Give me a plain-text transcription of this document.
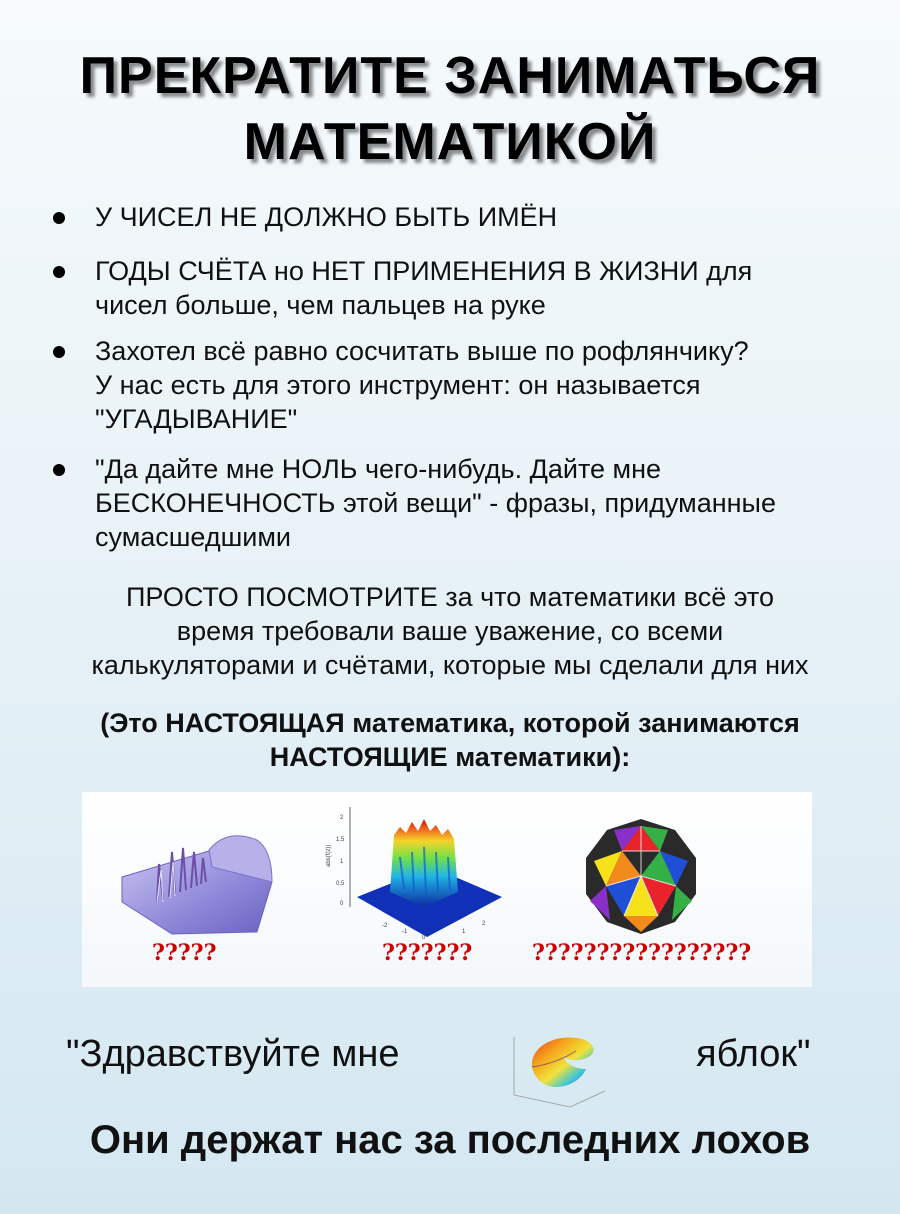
ПРЕКРАТИТЕ ЗАНИМАТЬСЯ
МАТЕМАТИКОЙ
У ЧИСЕЛ НЕ ДОЛЖНО БЫТЬ ИМЁН
ГОДЫ СЧЁТА но НЕТ ПРИМЕНЕНИЯ В ЖИЗНИ для
чисел больше, чем пальцев на руке
Захотел всё равно сосчитать выше по рофлянчику?
У нас есть для этого инструмент: он называется
"УГАДЫВАНИЕ"
"Да дайте мне НОЛЬ чего-нибудь. Дайте мне
БЕСКОНЕЧНОСТЬ этой вещи" - фразы, придуманные
сумасшедшими
ПРОСТО ПОСМОТРИТЕ за что математики всё это
время требовали ваше уважение, со всеми
калькуляторами и счётами, которые мы сделали для них
(Это НАСТОЯЩАЯ математика, которой занимаются
НАСТОЯЩИЕ математики):
?????
2
1.5
1
0.5
0
abs(f(z))
-2
-1
0
1
2
???????	?????????????????
"Здравствуйте мне	яблок"
Они держат нас за последних лохов
